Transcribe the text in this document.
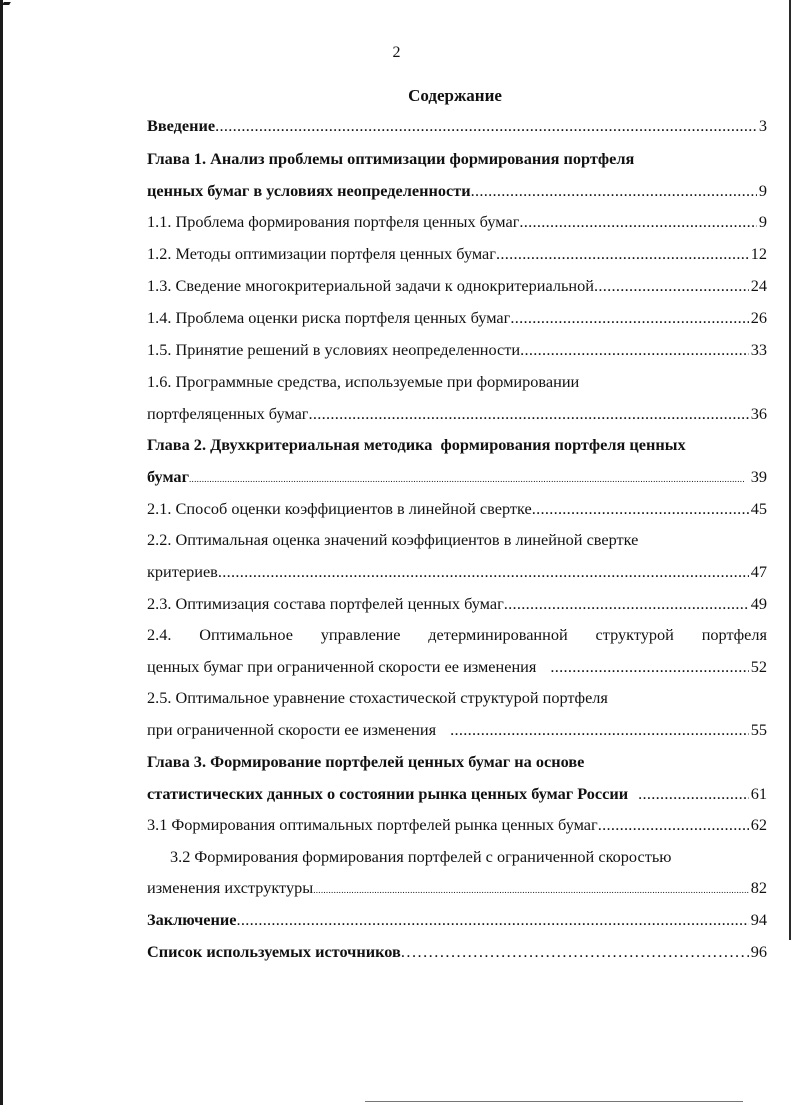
2
Содержание
Введение .....	3
Глава 1. Анализ проблемы оптимизации формирования портфеля
ценных бумаг в условиях неопределенности .....	9
1.1. Проблема формирования портфеля ценных бумаг .....	9
1.2. Методы оптимизации портфеля ценных бумаг .....	12
1.3. Сведение многокритериальной задачи к однокритериальной .....	24
1.4. Проблема оценки риска портфеля ценных бумаг .....	26
1.5. Принятие решений в условиях неопределенности .....	33
1.6. Программные средства, используемые при формировании
портфеляценных бумаг .....	36
Глава 2. Двухкритериальная методика  формирования портфеля ценных
бумаг .....	39
2.1. Способ оценки коэффициентов в линейной свертке .....	45
2.2. Оптимальная оценка значений коэффициентов в линейной свертке
критериев .....	47
2.3. Оптимизация состава портфелей ценных бумаг .....	49
2.4. Оптимальное управление детерминированной структурой портфеля
ценных бумаг при ограниченной скорости ее изменения .....	52
2.5. Оптимальное уравнение стохастической структурой портфеля
при ограниченной скорости ее изменения .....	55
Глава 3. Формирование портфелей ценных бумаг на основе
статистических данных о состоянии рынка ценных бумаг России .....	61
3.1 Формирования оптимальных портфелей рынка ценных бумаг .....	62
3.2 Формирования формирования портфелей с ограниченной скоростью
изменения ихструктуры .....	82
Заключение .....	94
Список используемых источников .....	96
